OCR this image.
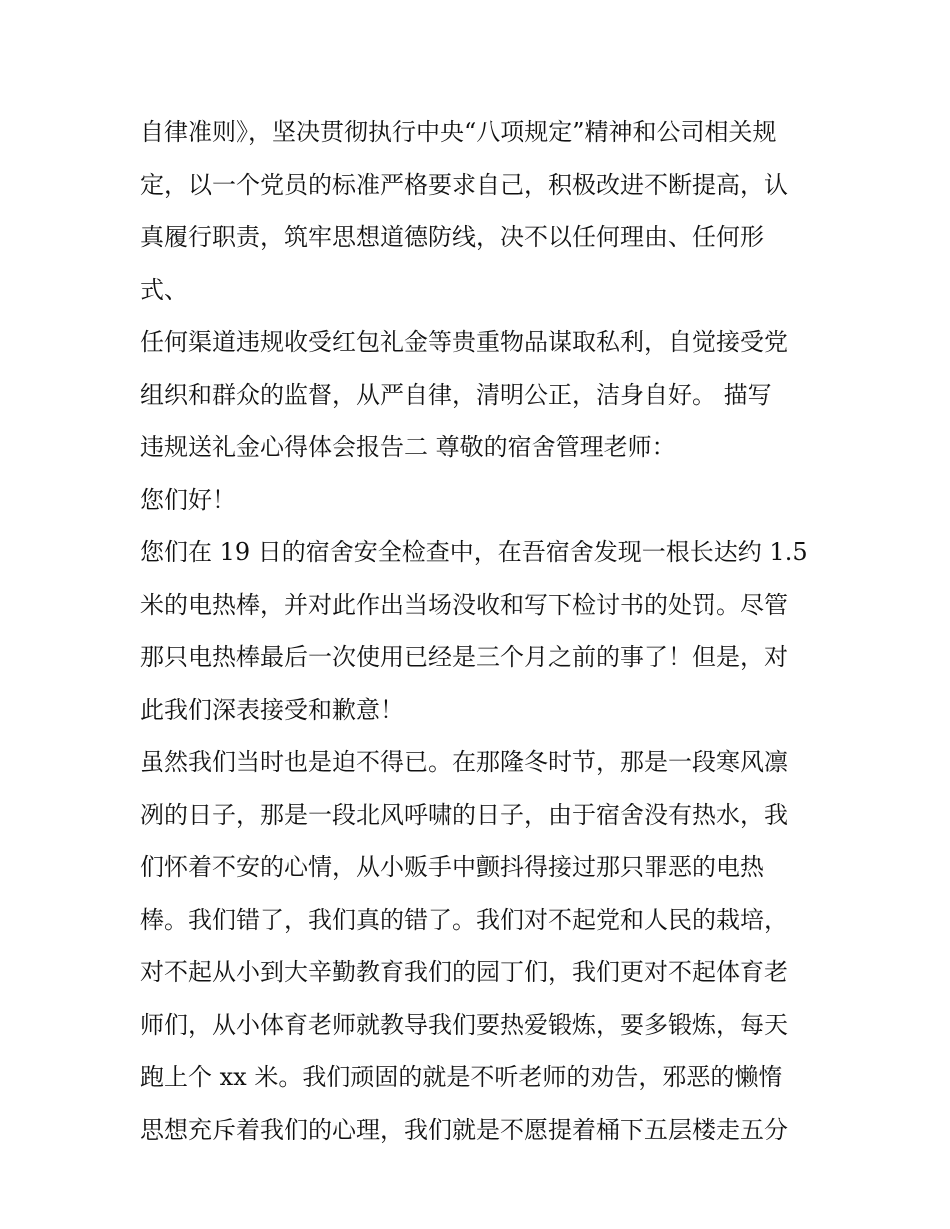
自律准则》，坚决贯彻执行中央“八项规定”精神和公司相关规
定，以一个党员的标准严格要求自己，积极改进不断提高，认
真履行职责，筑牢思想道德防线，决不以任何理由、任何形
式、
任何渠道违规收受红包礼金等贵重物品谋取私利，自觉接受党
组织和群众的监督，从严自律，清明公正，洁身自好。 描写
违规送礼金心得体会报告二 尊敬的宿舍管理老师：
您们好！
您们在 19 日的宿舍安全检查中，在吾宿舍发现一根长达约 1.5
米的电热棒，并对此作出当场没收和写下检讨书的处罚。尽管
那只电热棒最后一次使用已经是三个月之前的事了！但是，对
此我们深表接受和歉意！
虽然我们当时也是迫不得已。在那隆冬时节，那是一段寒风凛
冽的日子，那是一段北风呼啸的日子，由于宿舍没有热水，我
们怀着不安的心情，从小贩手中颤抖得接过那只罪恶的电热
棒。我们错了，我们真的错了。我们对不起党和人民的栽培，
对不起从小到大辛勤教育我们的园丁们，我们更对不起体育老
师们，从小体育老师就教导我们要热爱锻炼，要多锻炼，每天
跑上个 xx 米。我们顽固的就是不听老师的劝告，邪恶的懒惰
思想充斥着我们的心理，我们就是不愿提着桶下五层楼走五分
